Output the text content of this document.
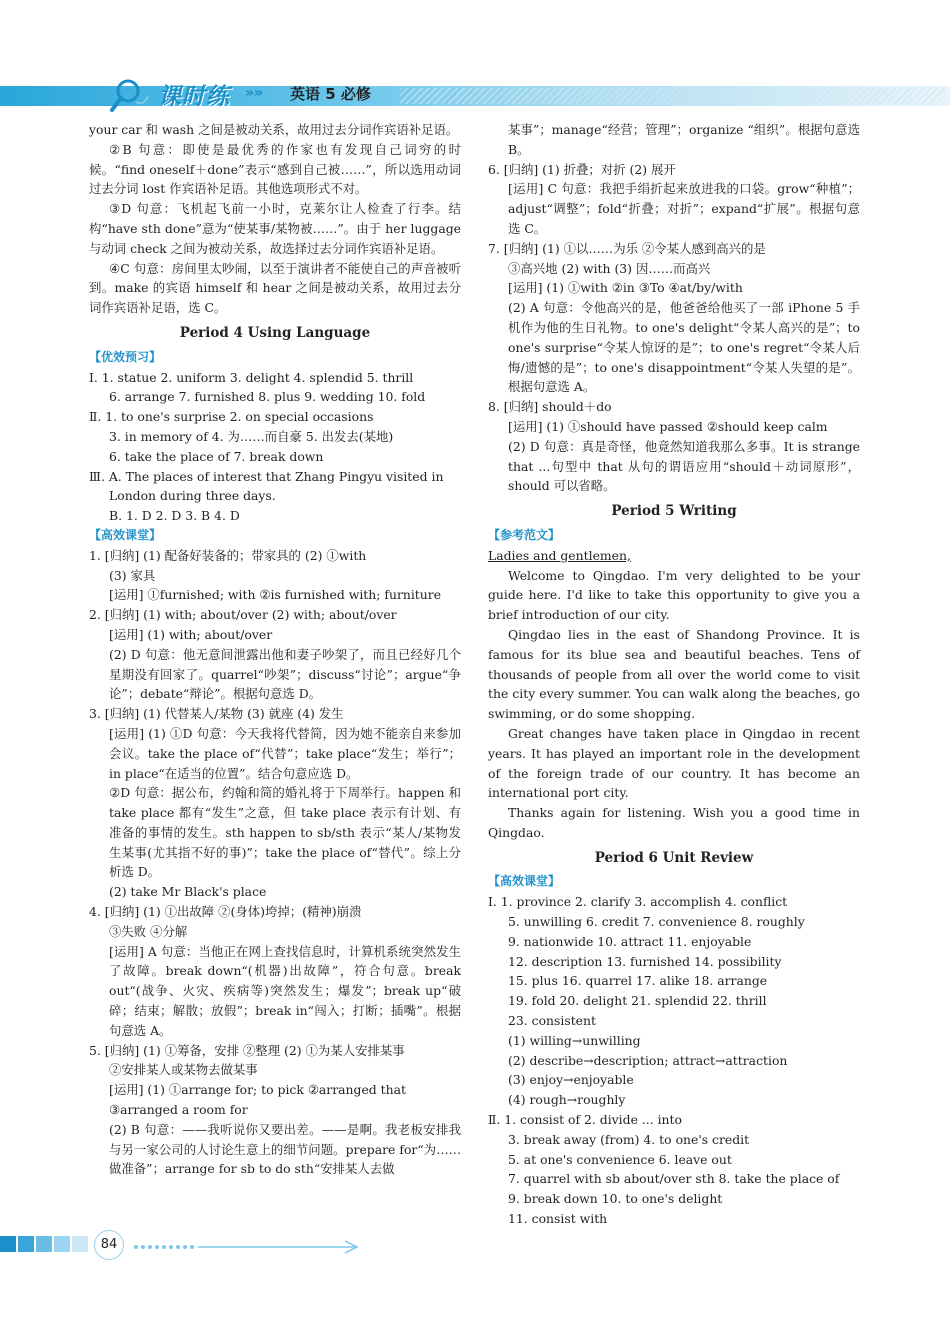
课时练 »» 英语 5 必修

your car 和 wash 之间是被动关系，故用过去分词作宾语补足语。

②B 句意：即使是最优秀的作家也有发现自己词穷的时候。“find oneself＋done”表示“感到自己被……”，所以选用动词过去分词 lost 作宾语补足语。其他选项形式不对。

③D 句意：飞机起飞前一小时，克莱尔让人检查了行李。结构“have sth done”意为“使某事/某物被……”。由于 her luggage 与动词 check 之间为被动关系，故选择过去分词作宾语补足语。

④C 句意：房间里太吵闹，以至于演讲者不能使自己的声音被听到。make 的宾语 himself 和 hear 之间是被动关系，故用过去分词作宾语补足语，选 C。

Period 4 Using Language

【优效预习】

Ⅰ. 1. statue 2. uniform 3. delight 4. splendid 5. thrill

6. arrange 7. furnished 8. plus 9. wedding 10. fold

Ⅱ. 1. to one's surprise 2. on special occasions

3. in memory of 4. 为……而自豪 5. 出发去(某地)

6. take the place of 7. break down

Ⅲ. A. The places of interest that Zhang Pingyu visited in

London during three days.

B. 1. D 2. D 3. B 4. D

【高效课堂】

1. [归纳] (1) 配备好装备的；带家具的 (2) ①with

(3) 家具

[运用] ①furnished; with ②is furnished with; furniture

2. [归纳] (1) with; about/over (2) with; about/over

[运用] (1) with; about/over

(2) D 句意：他无意间泄露出他和妻子吵架了，而且已经好几个星期没有回家了。quarrel“吵架”；discuss“讨论”；argue“争论”；debate“辩论”。根据句意选 D。

3. [归纳] (1) 代替某人/某物 (3) 就座 (4) 发生

[运用] (1) ①D 句意：今天我将代替简，因为她不能亲自来参加会议。take the place of“代替”；take place“发生；举行”；in place“在适当的位置”。结合句意应选 D。

②D 句意：据公布，约翰和简的婚礼将于下周举行。happen 和 take place 都有“发生”之意，但 take place 表示有计划、有准备的事情的发生。sth happen to sb/sth 表示“某人/某物发生某事(尤其指不好的事)”；take the place of“替代”。综上分析选 D。

(2) take Mr Black's place

4. [归纳] (1) ①出故障 ②(身体)垮掉；(精神)崩溃

③失败 ④分解

[运用] A 句意：当他正在网上查找信息时，计算机系统突然发生了故障。break down“(机器)出故障”，符合句意。break out“(战争、火灾、疾病等)突然发生；爆发”；break up“破碎；结束；解散；放假”；break in“闯入；打断；插嘴”。根据句意选 A。

5. [归纳] (1) ①筹备，安排 ②整理 (2) ①为某人安排某事

②安排某人或某物去做某事

[运用] (1) ①arrange for; to pick ②arranged that

③arranged a room for

(2) B 句意：——我听说你又要出差。——是啊。我老板安排我与另一家公司的人讨论生意上的细节问题。prepare for“为……做准备”；arrange for sb to do sth“安排某人去做

某事”；manage“经营；管理”；organize “组织”。根据句意选 B。

6. [归纳] (1) 折叠；对折 (2) 展开

[运用] C 句意：我把手绢折起来放进我的口袋。grow“种植”；adjust“调整”；fold“折叠；对折”；expand“扩展”。根据句意选 C。

7. [归纳] (1) ①以……为乐 ②令某人感到高兴的是

③高兴地 (2) with (3) 因……而高兴

[运用] (1) ①with ②in ③To ④at/by/with

(2) A 句意：令他高兴的是，他爸爸给他买了一部 iPhone 5 手机作为他的生日礼物。to one's delight“令某人高兴的是”；to one's surprise“令某人惊讶的是”；to one's regret“令某人后悔/遗憾的是”；to one's disappointment“令某人失望的是”。根据句意选 A。

8. [归纳] should＋do

[运用] (1) ①should have passed ②should keep calm

(2) D 句意：真是奇怪，他竟然知道我那么多事。It is strange that ...句型中 that 从句的谓语应用“should＋动词原形”，should 可以省略。

Period 5 Writing

【参考范文】

Ladies and gentlemen,

Welcome to Qingdao. I'm very delighted to be your guide here. I'd like to take this opportunity to give you a brief introduction of our city.

Qingdao lies in the east of Shandong Province. It is famous for its blue sea and beautiful beaches. Tens of thousands of people from all over the world come to visit the city every summer. You can walk along the beaches, go swimming, or do some shopping.

Great changes have taken place in Qingdao in recent years. It has played an important role in the development of the foreign trade of our country. It has become an international port city.

Thanks again for listening. Wish you a good time in Qingdao.

Period 6 Unit Review

【高效课堂】

Ⅰ. 1. province 2. clarify 3. accomplish 4. conflict

5. unwilling 6. credit 7. convenience 8. roughly

9. nationwide 10. attract 11. enjoyable

12. description 13. furnished 14. possibility

15. plus 16. quarrel 17. alike 18. arrange

19. fold 20. delight 21. splendid 22. thrill

23. consistent

(1) willing→unwilling

(2) describe→description; attract→attraction

(3) enjoy→enjoyable

(4) rough→roughly

Ⅱ. 1. consist of 2. divide ... into

3. break away (from) 4. to one's credit

5. at one's convenience 6. leave out

7. quarrel with sb about/over sth 8. take the place of

9. break down 10. to one's delight

11. consist with

84
